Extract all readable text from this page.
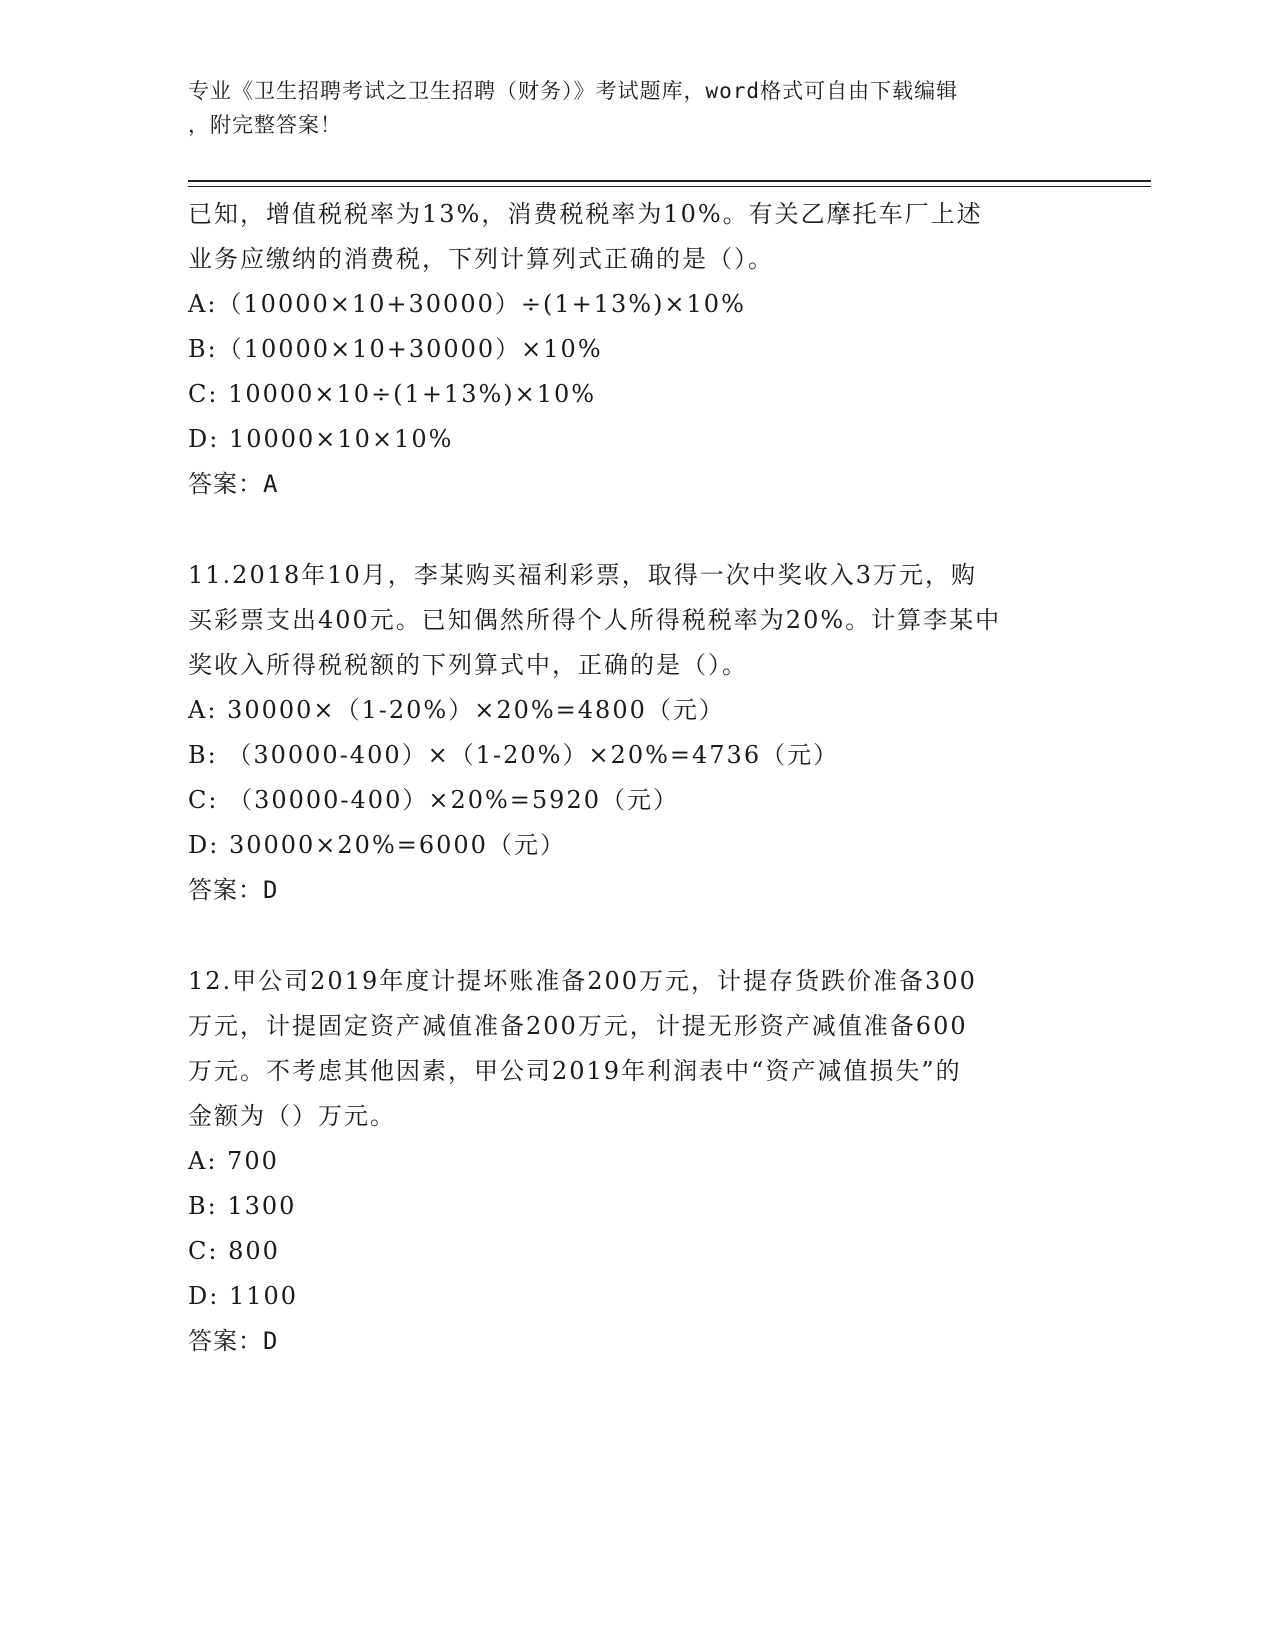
专业《卫生招聘考试之卫生招聘（财务）》考试题库，word格式可自由下载编辑
，附完整答案！

已知，增值税税率为13%，消费税税率为10%。有关乙摩托车厂上述

业务应缴纳的消费税，下列计算列式正确的是（）。

A:（10000×10+30000）÷(1+13%)×10%

B:（10000×10+30000）×10%

C: 10000×10÷(1+13%)×10%

D: 10000×10×10%

答案：A

11.2018年10月，李某购买福利彩票，取得一次中奖收入3万元，购

买彩票支出400元。已知偶然所得个人所得税税率为20%。计算李某中

奖收入所得税税额的下列算式中，正确的是（）。

A: 30000×（1-20%）×20%=4800（元）

B: （30000-400）×（1-20%）×20%=4736（元）

C: （30000-400）×20%=5920（元）

D: 30000×20%=6000（元）

答案：D

12.甲公司2019年度计提坏账准备200万元，计提存货跌价准备300

万元，计提固定资产减值准备200万元，计提无形资产减值准备600

万元。不考虑其他因素，甲公司2019年利润表中“资产减值损失”的

金额为（）万元。

A: 700

B: 1300

C: 800

D: 1100

答案：D
